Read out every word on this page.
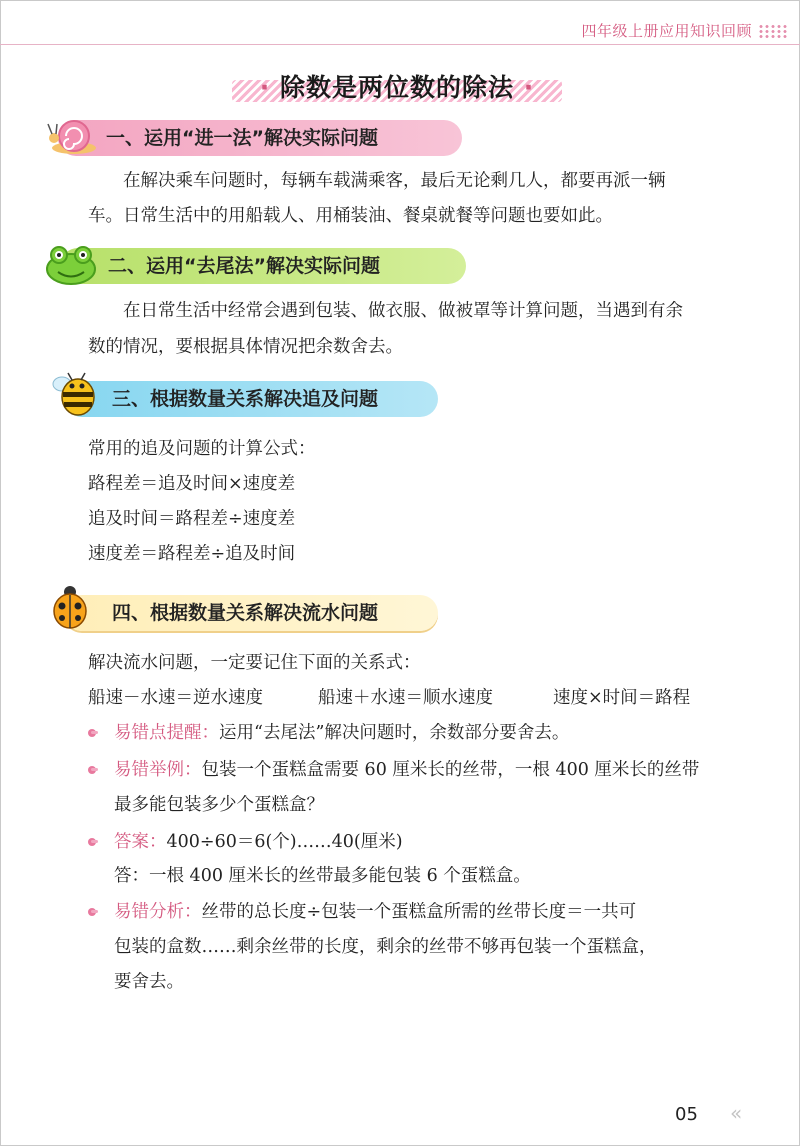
四年级上册应用知识回顾
· 除数是两位数的除法 ·
一、运用“进一法”解决实际问题
在解决乘车问题时，每辆车载满乘客，最后无论剩几人，都要再派一辆
车。日常生活中的用船载人、用桶装油、餐桌就餐等问题也要如此。
二、运用“去尾法”解决实际问题
在日常生活中经常会遇到包装、做衣服、做被罩等计算问题，当遇到有余
数的情况，要根据具体情况把余数舍去。
三、根据数量关系解决追及问题
常用的追及问题的计算公式：
路程差＝追及时间×速度差
追及时间＝路程差÷速度差
速度差＝路程差÷追及时间
四、根据数量关系解决流水问题
解决流水问题，一定要记住下面的关系式：
船速－水速＝逆水速度	船速＋水速＝顺水速度	速度×时间＝路程
易错点提醒：运用“去尾法”解决问题时，余数部分要舍去。
易错举例：包装一个蛋糕盒需要 60 厘米长的丝带，一根 400 厘米长的丝带
最多能包装多少个蛋糕盒？
答案：400÷60＝6(个)……40(厘米)
答：一根 400 厘米长的丝带最多能包装 6 个蛋糕盒。
易错分析：丝带的总长度÷包装一个蛋糕盒所需的丝带长度＝一共可
包装的盒数……剩余丝带的长度，剩余的丝带不够再包装一个蛋糕盒，
要舍去。
05 «
